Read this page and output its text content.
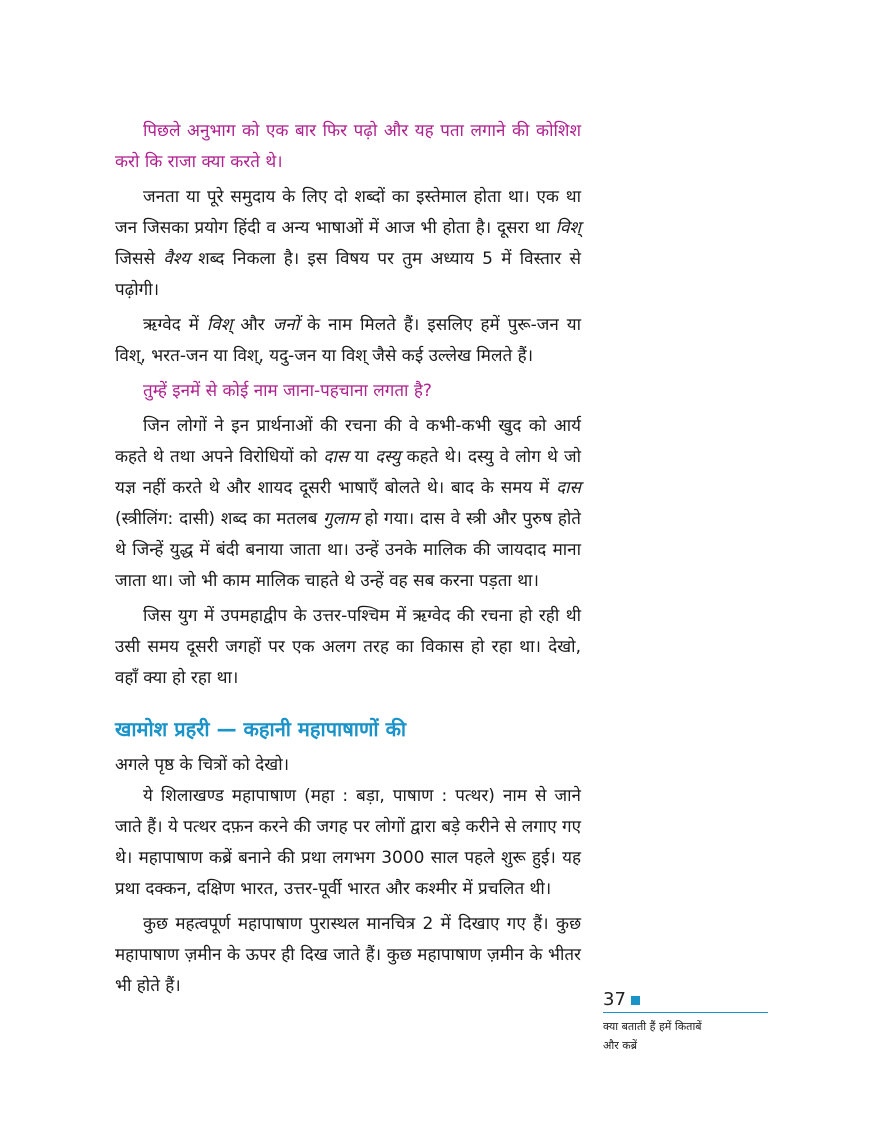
पिछले अनुभाग को एक बार फिर पढ़ो और यह पता लगाने की कोशिश करो कि राजा क्या करते थे।

जनता या पूरे समुदाय के लिए दो शब्दों का इस्तेमाल होता था। एक था जन जिसका प्रयोग हिंदी व अन्य भाषाओं में आज भी होता है। दूसरा था विश् जिससे वैश्य शब्द निकला है। इस विषय पर तुम अध्याय 5 में विस्तार से पढ़ोगी।

ऋग्वेद में विश् और जनों के नाम मिलते हैं। इसलिए हमें पुरू-जन या विश्, भरत-जन या विश्, यदु-जन या विश् जैसे कई उल्लेख मिलते हैं।

तुम्हें इनमें से कोई नाम जाना-पहचाना लगता है?

जिन लोगों ने इन प्रार्थनाओं की रचना की वे कभी-कभी खुद को आर्य कहते थे तथा अपने विरोधियों को दास या दस्यु कहते थे। दस्यु वे लोग थे जो यज्ञ नहीं करते थे और शायद दूसरी भाषाएँ बोलते थे। बाद के समय में दास (स्त्रीलिंग: दासी) शब्द का मतलब गुलाम हो गया। दास वे स्त्री और पुरुष होते थे जिन्हें युद्ध में बंदी बनाया जाता था। उन्हें उनके मालिक की जायदाद माना जाता था। जो भी काम मालिक चाहते थे उन्हें वह सब करना पड़ता था।

जिस युग में उपमहाद्वीप के उत्तर-पश्चिम में ऋग्वेद की रचना हो रही थी उसी समय दूसरी जगहों पर एक अलग तरह का विकास हो रहा था। देखो, वहाँ क्या हो रहा था।

खामोश प्रहरी — कहानी महापाषाणों की

अगले पृष्ठ के चित्रों को देखो।

ये शिलाखण्ड महापाषाण (महा : बड़ा, पाषाण : पत्थर) नाम से जाने जाते हैं। ये पत्थर दफ़न करने की जगह पर लोगों द्वारा बड़े करीने से लगाए गए थे। महापाषाण कब्रें बनाने की प्रथा लगभग 3000 साल पहले शुरू हुई। यह प्रथा दक्कन, दक्षिण भारत, उत्तर-पूर्वी भारत और कश्मीर में प्रचलित थी।

कुछ महत्वपूर्ण महापाषाण पुरास्थल मानचित्र 2 में दिखाए गए हैं। कुछ महापाषाण ज़मीन के ऊपर ही दिख जाते हैं। कुछ महापाषाण ज़मीन के भीतर भी होते हैं।

37
क्या बताती हैं हमें किताबें
और कब्रें
